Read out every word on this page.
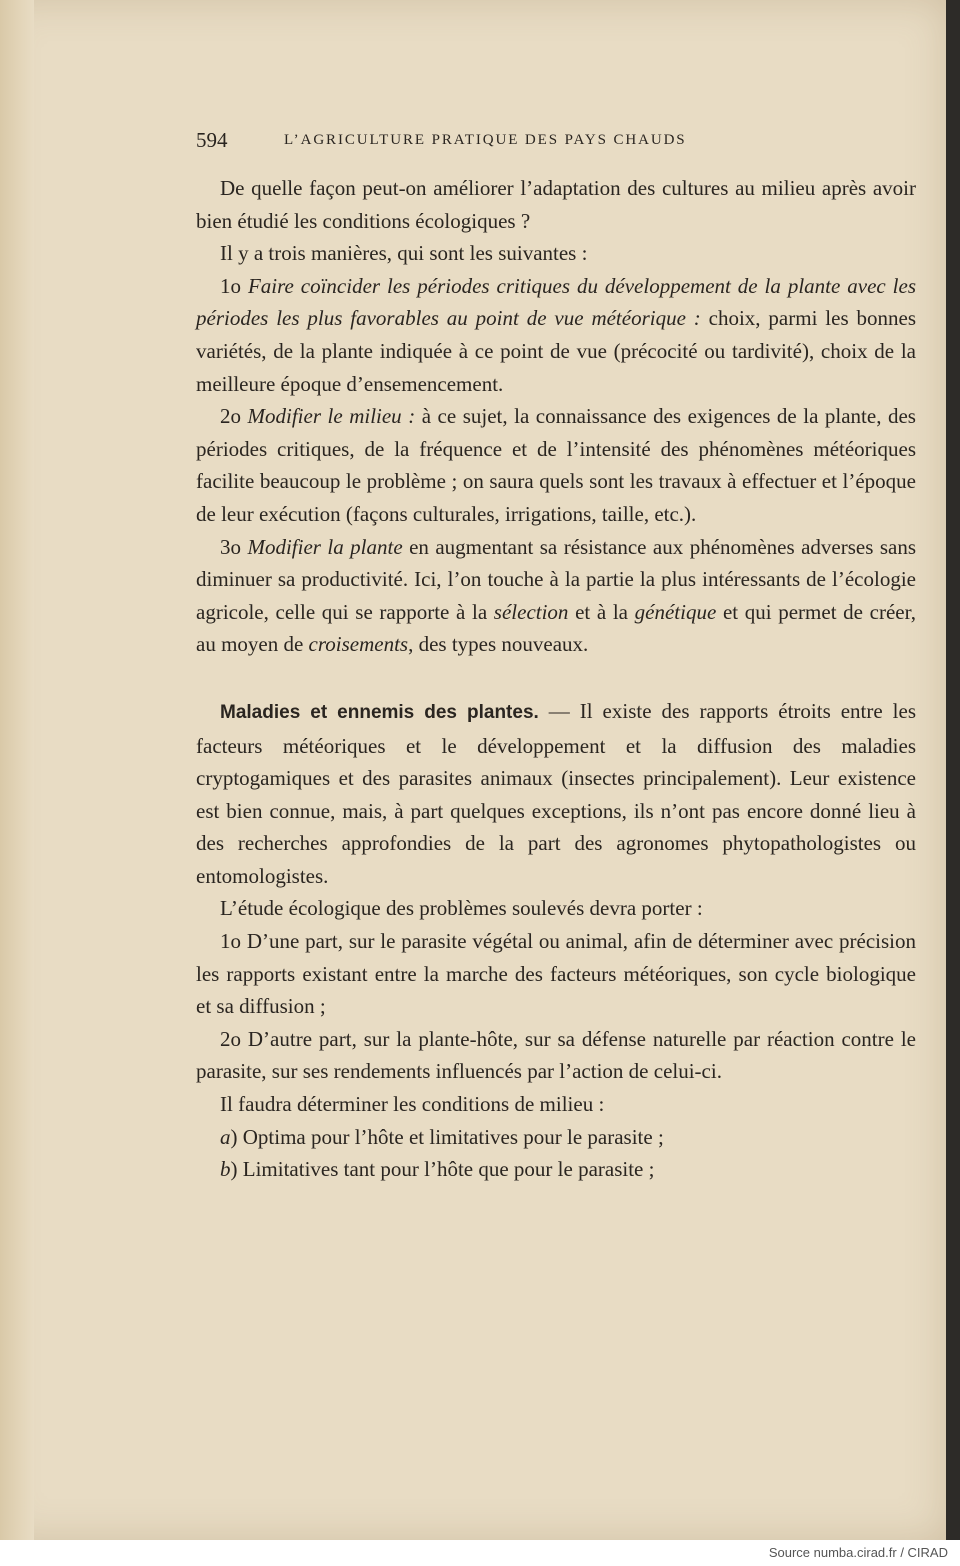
594	L’AGRICULTURE PRATIQUE DES PAYS CHAUDS

De quelle façon peut-on améliorer l’adaptation des cultures au milieu après avoir bien étudié les conditions écologiques ?

Il y a trois manières, qui sont les suivantes :

1o Faire coïncider les périodes critiques du développement de la plante avec les périodes les plus favorables au point de vue météorique : choix, parmi les bonnes variétés, de la plante indiquée à ce point de vue (précocité ou tardivité), choix de la meilleure époque d’ensemencement.

2o Modifier le milieu : à ce sujet, la connaissance des exigences de la plante, des périodes critiques, de la fréquence et de l’intensité des phénomènes météoriques facilite beaucoup le problème ; on saura quels sont les travaux à effectuer et l’époque de leur exécution (façons culturales, irrigations, taille, etc.).

3o Modifier la plante en augmentant sa résistance aux phénomènes adverses sans diminuer sa productivité. Ici, l’on touche à la partie la plus intéressants de l’écologie agricole, celle qui se rapporte à la sélection et à la génétique et qui permet de créer, au moyen de croisements, des types nouveaux.

Maladies et ennemis des plantes. — Il existe des rapports étroits entre les facteurs météoriques et le développement et la diffusion des maladies cryptogamiques et des parasites animaux (insectes principalement). Leur existence est bien connue, mais, à part quelques exceptions, ils n’ont pas encore donné lieu à des recherches approfondies de la part des agronomes phytopathologistes ou entomologistes.

L’étude écologique des problèmes soulevés devra porter :

1o D’une part, sur le parasite végétal ou animal, afin de déterminer avec précision les rapports existant entre la marche des facteurs météoriques, son cycle biologique et sa diffusion ;

2o D’autre part, sur la plante-hôte, sur sa défense naturelle par réaction contre le parasite, sur ses rendements influencés par l’action de celui-ci.

Il faudra déterminer les conditions de milieu :

a) Optima pour l’hôte et limitatives pour le parasite ;

b) Limitatives tant pour l’hôte que pour le parasite ;

Source numba.cirad.fr / CIRAD
